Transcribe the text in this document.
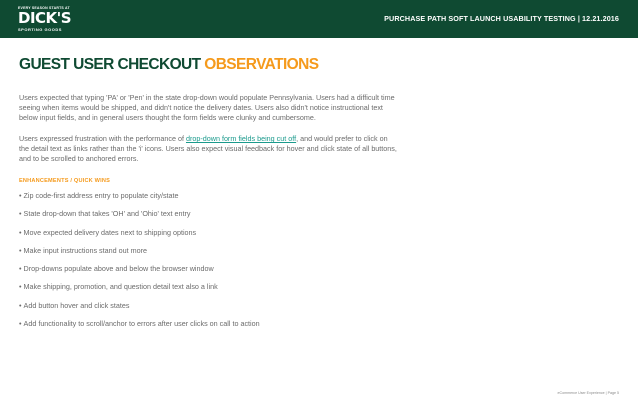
EVERY SEASON STARTS AT
DICK'S
SPORTING GOODS
PURCHASE PATH SOFT LAUNCH USABILITY TESTING | 12.21.2016
GUEST USER CHECKOUT OBSERVATIONS

Users expected that typing 'PA' or 'Pen' in the state drop-down would populate Pennsylvania. Users had a difficult time seeing when items would be shipped, and didn't notice the delivery dates. Users also didn't notice instructional text below input fields, and in general users thought the form fields were clunky and cumbersome.

Users expressed frustration with the performance of drop-down form fields being cut off, and would prefer to click on the detail text as links rather than the 'i' icons. Users also expect visual feedback for hover and click state of all buttons, and to be scrolled to anchored errors.

ENHANCEMENTS / QUICK WINS
• Zip code-first address entry to populate city/state
• State drop-down that takes 'OH' and 'Ohio' text entry
• Move expected delivery dates next to shipping options
• Make input instructions stand out more
• Drop-downs populate above and below the browser window
• Make shipping, promotion, and question detail text also a link
• Add button hover and click states
• Add functionality to scroll/anchor to errors after user clicks on call to action
eCommerce User Experience | Page 5
